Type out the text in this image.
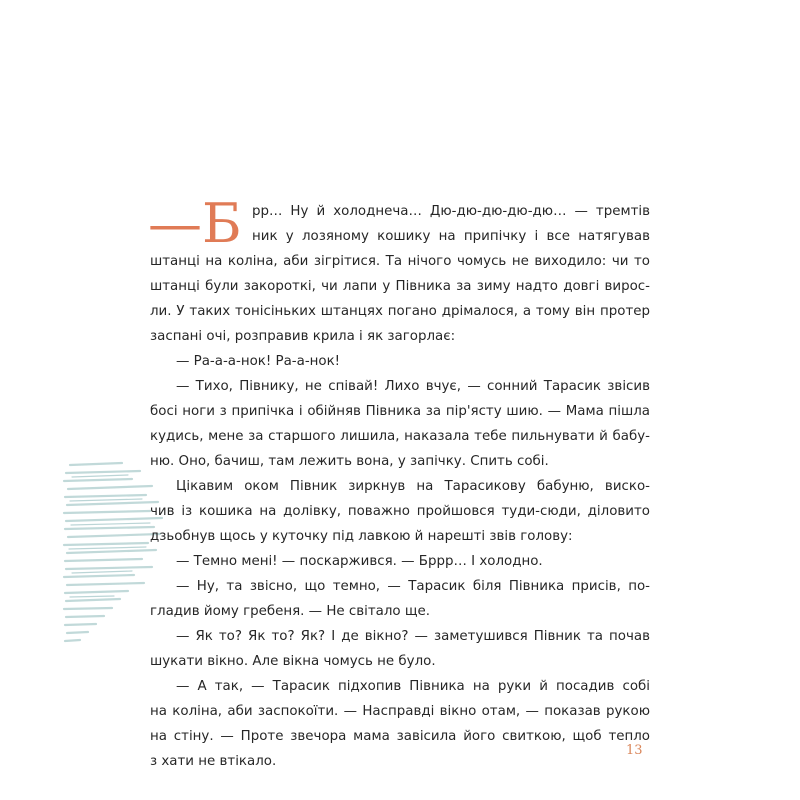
—Б рр… Ну й холоднеча… Дю-дю-дю-дю-дю… — тремтів
ник у лозяному кошику на припічку і все натягував
штанці на коліна, аби зігрітися. Та нічого чомусь не виходило: чи то
штанці були закороткі, чи лапи у Півника за зиму надто довгі вирос-
ли. У таких тонісіньких штанцях погано дрімалося, а тому він протер
заспані очі, розправив крила і як загорлає:
— Ра-а-а-нок! Ра-а-нок!
— Тихо, Півнику, не співай! Лихо вчує, — сонний Тарасик звісив
босі ноги з припічка і обійняв Півника за пір'ясту шию. — Мама пішла
кудись, мене за старшого лишила, наказала тебе пильнувати й бабу-
ню. Оно, бачиш, там лежить вона, у запічку. Спить собі.
Цікавим оком Півник зиркнув на Тарасикову бабуню, виско-
чив із кошика на долівку, поважно пройшовся туди-сюди, діловито
дзьобнув щось у куточку під лавкою й нарешті звів голову:
— Темно мені! — поскаржився. — Бррр… І холодно.
— Ну, та звісно, що темно, — Тарасик біля Півника присів, по-
гладив йому гребеня. — Не світало ще.
— Як то? Як то? Як? І де вікно? — заметушився Півник та почав
шукати вікно. Але вікна чомусь не було.
— А так, — Тарасик підхопив Півника на руки й посадив собі
на коліна, аби заспокоїти. — Насправді вікно отам, — показав рукою
на стіну. — Проте звечора мама завісила його свиткою, щоб тепло
з хати не втікало.
13
